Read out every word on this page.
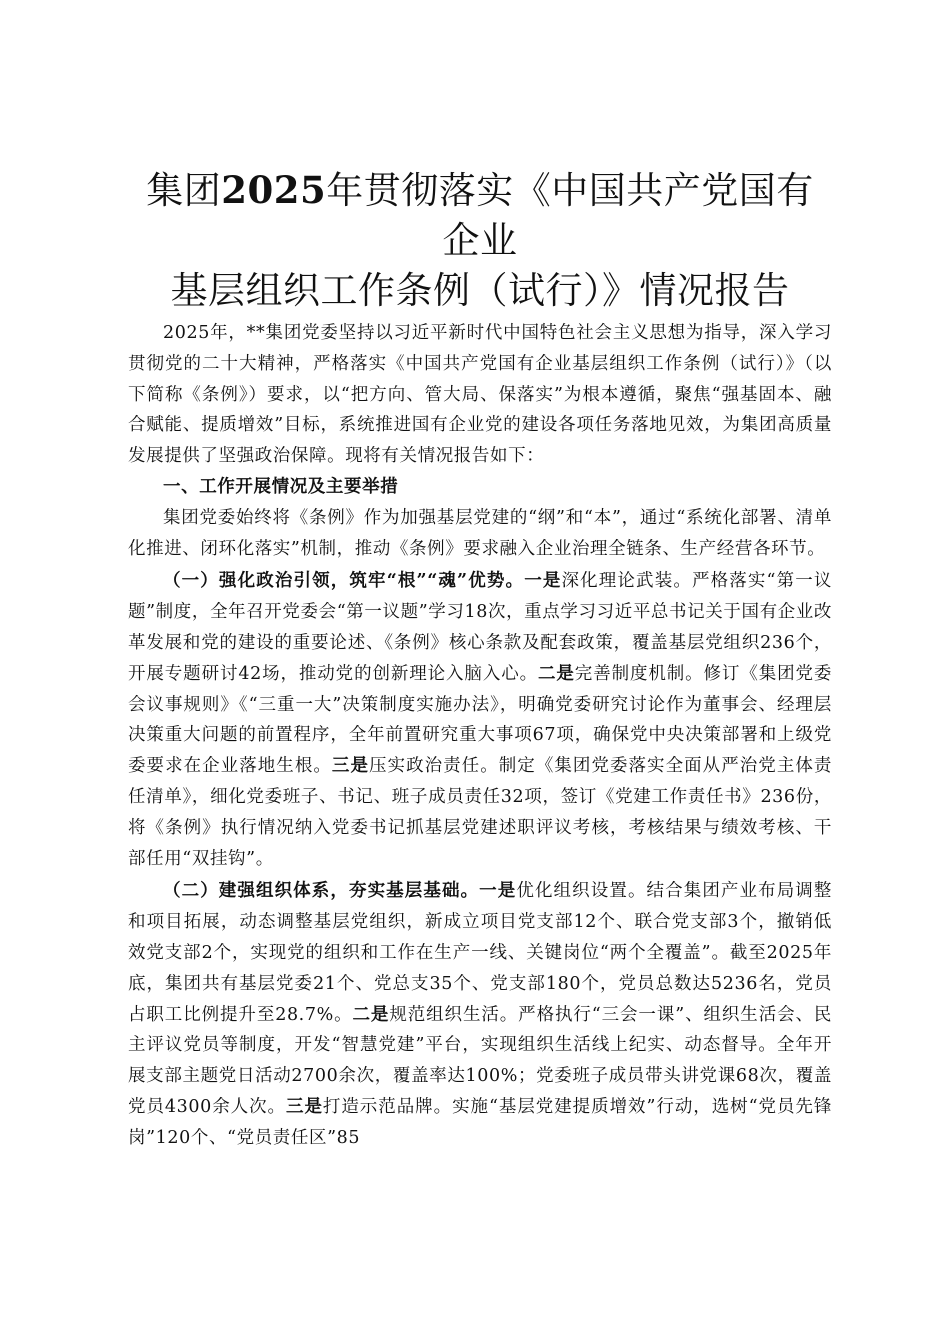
集团2025年贯彻落实《中国共产党国有企业
基层组织工作条例（试行）》情况报告

2025年，**集团党委坚持以习近平新时代中国特色社会主义思想为指导，深入学习贯彻党的二十大精神，严格落实《中国共产党国有企业基层组织工作条例（试行）》（以下简称《条例》）要求，以“把方向、管大局、保落实”为根本遵循，聚焦“强基固本、融合赋能、提质增效”目标，系统推进国有企业党的建设各项任务落地见效，为集团高质量发展提供了坚强政治保障。现将有关情况报告如下：

一、工作开展情况及主要举措

集团党委始终将《条例》作为加强基层党建的“纲”和“本”，通过“系统化部署、清单化推进、闭环化落实”机制，推动《条例》要求融入企业治理全链条、生产经营各环节。

（一）强化政治引领，筑牢“根”“魂”优势。一是深化理论武装。严格落实“第一议题”制度，全年召开党委会“第一议题”学习18次，重点学习习近平总书记关于国有企业改革发展和党的建设的重要论述、《条例》核心条款及配套政策，覆盖基层党组织236个，开展专题研讨42场，推动党的创新理论入脑入心。二是完善制度机制。修订《集团党委会议事规则》《“三重一大”决策制度实施办法》，明确党委研究讨论作为董事会、经理层决策重大问题的前置程序，全年前置研究重大事项67项，确保党中央决策部署和上级党委要求在企业落地生根。三是压实政治责任。制定《集团党委落实全面从严治党主体责任清单》，细化党委班子、书记、班子成员责任32项，签订《党建工作责任书》236份，将《条例》执行情况纳入党委书记抓基层党建述职评议考核，考核结果与绩效考核、干部任用“双挂钩”。

（二）建强组织体系，夯实基层基础。一是优化组织设置。结合集团产业布局调整和项目拓展，动态调整基层党组织，新成立项目党支部12个、联合党支部3个，撤销低效党支部2个，实现党的组织和工作在生产一线、关键岗位“两个全覆盖”。截至2025年底，集团共有基层党委21个、党总支35个、党支部180个，党员总数达5236名，党员占职工比例提升至28.7%。二是规范组织生活。严格执行“三会一课”、组织生活会、民主评议党员等制度，开发“智慧党建”平台，实现组织生活线上纪实、动态督导。全年开展支部主题党日活动2700余次，覆盖率达100%；党委班子成员带头讲党课68次，覆盖党员4300余人次。三是打造示范品牌。实施“基层党建提质增效”行动，选树“党员先锋岗”120个、“党员责任区”85
